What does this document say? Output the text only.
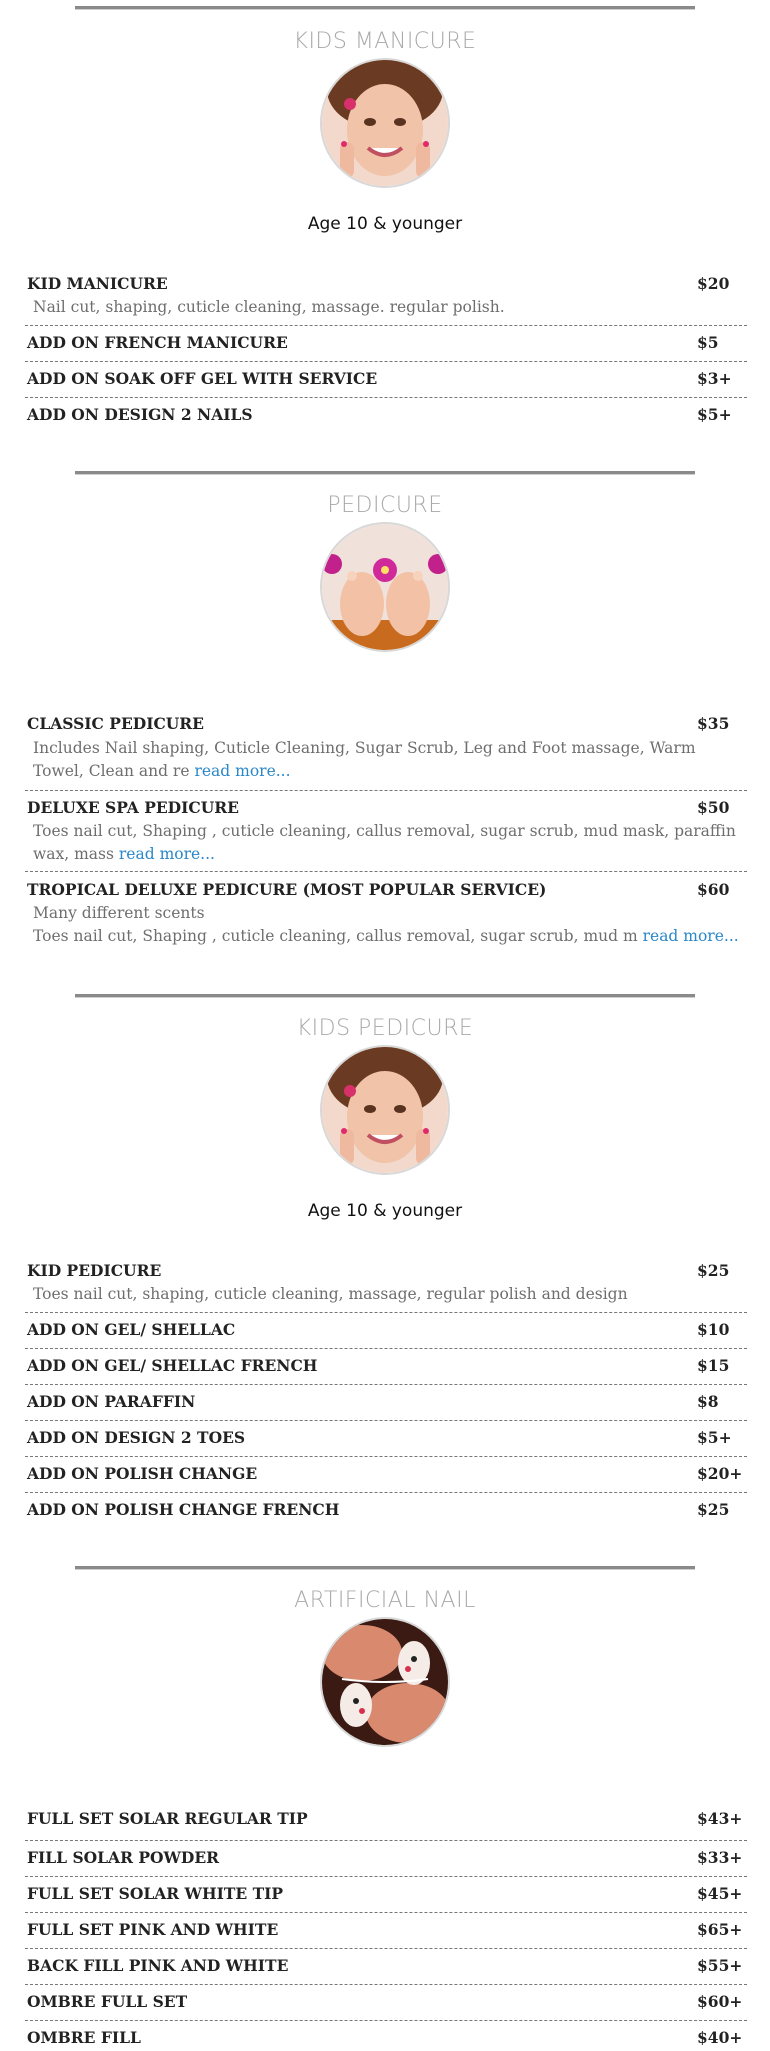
KIDS MANICURE

Age 10 & younger

KID MANICURE	$20
Nail cut, shaping, cuticle cleaning, massage. regular polish.
ADD ON FRENCH MANICURE	$5
ADD ON SOAK OFF GEL WITH SERVICE	$3+
ADD ON DESIGN 2 NAILS	$5+
PEDICURE
CLASSIC PEDICURE	$35
Includes Nail shaping, Cuticle Cleaning, Sugar Scrub, Leg and Foot massage, Warm
Towel, Clean and re read more...
DELUXE SPA PEDICURE	$50
Toes nail cut, Shaping , cuticle cleaning, callus removal, sugar scrub, mud mask, paraffin
wax, mass read more...
TROPICAL DELUXE PEDICURE (MOST POPULAR SERVICE)	$60
Many different scents
Toes nail cut, Shaping , cuticle cleaning, callus removal, sugar scrub, mud m read more...
KIDS PEDICURE

Age 10 & younger

KID PEDICURE	$25
Toes nail cut, shaping, cuticle cleaning, massage, regular polish and design
ADD ON GEL/ SHELLAC	$10
ADD ON GEL/ SHELLAC FRENCH	$15
ADD ON PARAFFIN	$8
ADD ON DESIGN 2 TOES	$5+
ADD ON POLISH CHANGE	$20+
ADD ON POLISH CHANGE FRENCH	$25
ARTIFICIAL NAIL
FULL SET SOLAR REGULAR TIP	$43+
FILL SOLAR POWDER	$33+
FULL SET SOLAR WHITE TIP	$45+
FULL SET PINK AND WHITE	$65+
BACK FILL PINK AND WHITE	$55+
OMBRE FULL SET	$60+
OMBRE FILL	$40+
